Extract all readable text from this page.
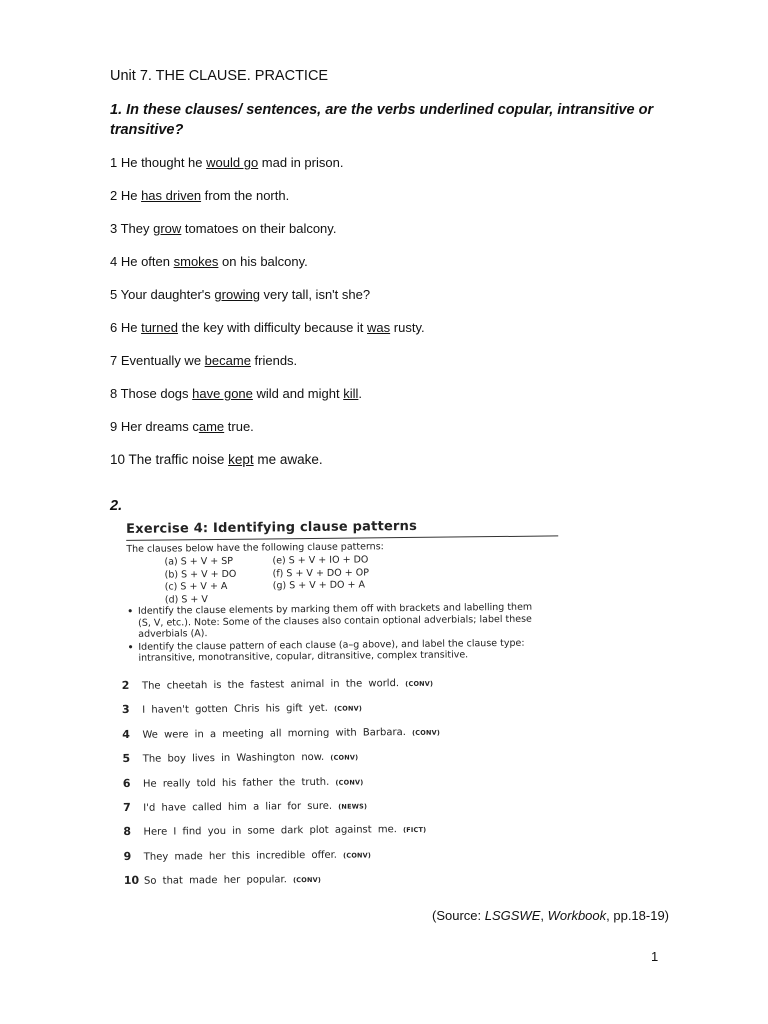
Unit 7. THE CLAUSE. PRACTICE
1. In these clauses/ sentences, are the verbs underlined copular, intransitive or transitive?
1 He thought he would go mad in prison.
2 He has driven from the north.
3 They grow tomatoes on their balcony.
4 He often smokes on his balcony.
5 Your daughter's growing very tall, isn't she?
6 He turned the key with difficulty because it was rusty.
7 Eventually we became friends.
8 Those dogs have gone wild and might kill.
9 Her dreams came true.
10 The traffic noise kept me awake.
2.
Exercise 4: Identifying clause patterns
The clauses below have the following clause patterns:
(a) S + V + SP	(e) S + V + IO + DO
(b) S + V + DO	(f) S + V + DO + OP
(c) S + V + A	(g) S + V + DO + A
(d) S + V
• Identify the clause elements by marking them off with brackets and labelling them (S, V, etc.). Note: Some of the clauses also contain optional adverbials; label these adverbials (A).
• Identify the clause pattern of each clause (a–g above), and label the clause type: intransitive, monotransitive, copular, ditransitive, complex transitive.
2 The cheetah is the fastest animal in the world. (CONV)
3 I haven't gotten Chris his gift yet. (CONV)
4 We were in a meeting all morning with Barbara. (CONV)
5 The boy lives in Washington now. (CONV)
6 He really told his father the truth. (CONV)
7 I'd have called him a liar for sure. (NEWS)
8 Here I find you in some dark plot against me. (FICT)
9 They made her this incredible offer. (CONV)
10 So that made her popular. (CONV)
(Source: LSGSWE, Workbook, pp.18-19)
1
